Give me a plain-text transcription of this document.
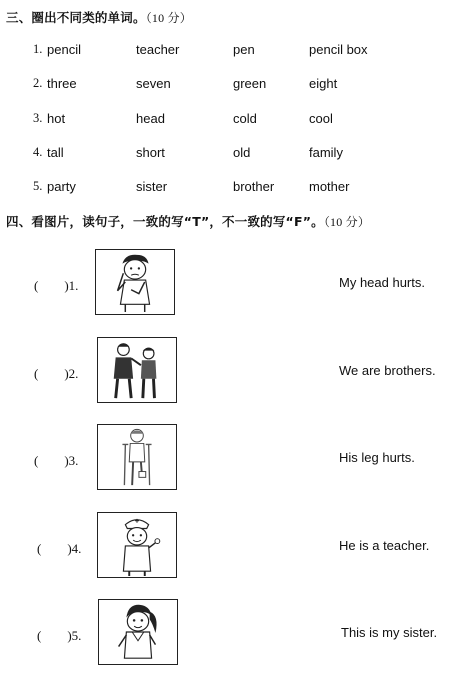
三、圈出不同类的单词。（10 分）
1. pencil	teacher	pen	pencil box
2. three	seven	green	eight
3. hot	head	cold	cool
4. tall	short	old	family
5. party	sister	brother	mother
四、看图片，读句子，一致的写“T”，不一致的写“F”。（10 分）
(　　)1.	My head hurts.
(　　)2.	We are brothers.
(　　)3.	His leg hurts.
(　　)4.	He is a teacher.
(　　)5.	This is my sister.
